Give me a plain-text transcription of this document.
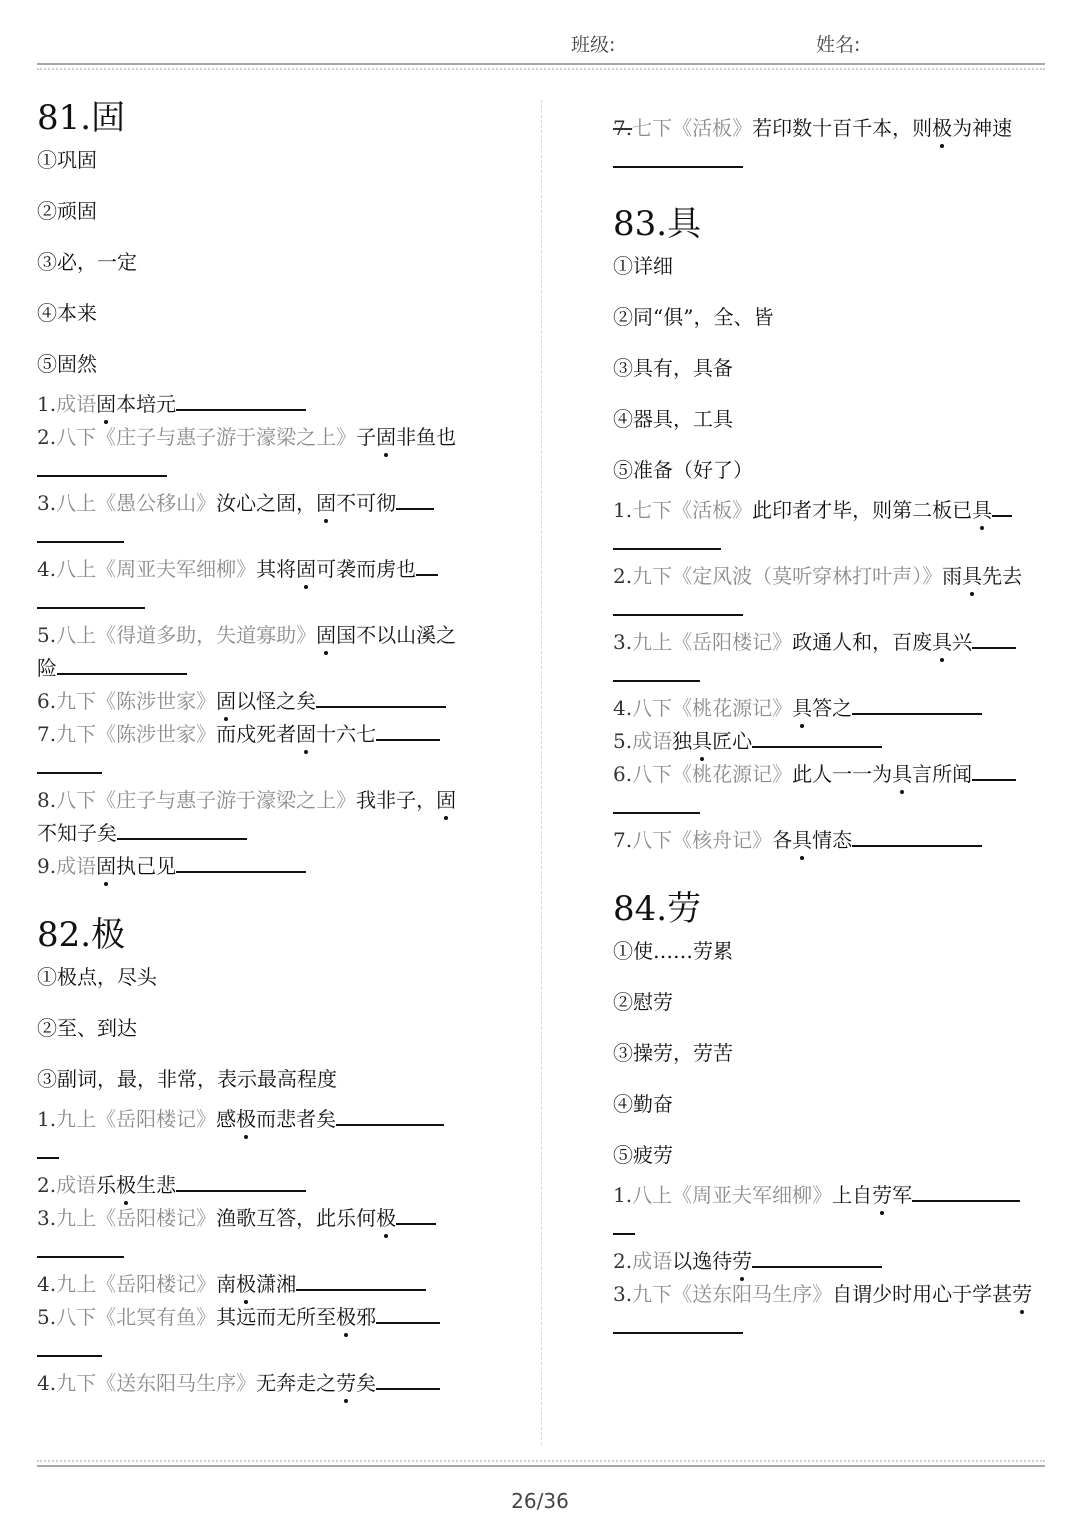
班级:	姓名:
81.固
①巩固
②顽固
③必，一定
④本来
⑤固然
1.成语固本培元
2.八下《庄子与惠子游于濠梁之上》子固非鱼也
3.八上《愚公移山》汝心之固，固不可彻

4.八上《周亚夫军细柳》其将固可袭而虏也

5.八上《得道多助，失道寡助》固国不以山溪之险
6.九下《陈涉世家》固以怪之矣
7.九下《陈涉世家》而戍死者固十六七

8.八下《庄子与惠子游于濠梁之上》我非子，固不知子矣
9.成语固执己见
82.极
①极点，尽头
②至、到达
③副词，最，非常，表示最高程度
1.九上《岳阳楼记》感极而悲者矣

2.成语乐极生悲
3.九上《岳阳楼记》渔歌互答，此乐何极

4.九上《岳阳楼记》南极潇湘
5.八下《北冥有鱼》其远而无所至极邪

4.九下《送东阳马生序》无奔走之劳矣
7.七下《活板》若印数十百千本，则极为神速

83.具
①详细
②同“俱”，全、皆
③具有，具备
④器具，工具
⑤准备（好了）
1.七下《活板》此印者才毕，则第二板已具

2.九下《定风波（莫听穿林打叶声）》雨具先去
3.九上《岳阳楼记》政通人和，百废具兴

4.八下《桃花源记》具答之
5.成语独具匠心
6.八下《桃花源记》此人一一为具言所闻

7.八下《核舟记》各具情态
84.劳
①使……劳累
②慰劳
③操劳，劳苦
④勤奋
⑤疲劳
1.八上《周亚夫军细柳》上自劳军

2.成语以逸待劳
3.九下《送东阳马生序》自谓少时用心于学甚劳
26/36
